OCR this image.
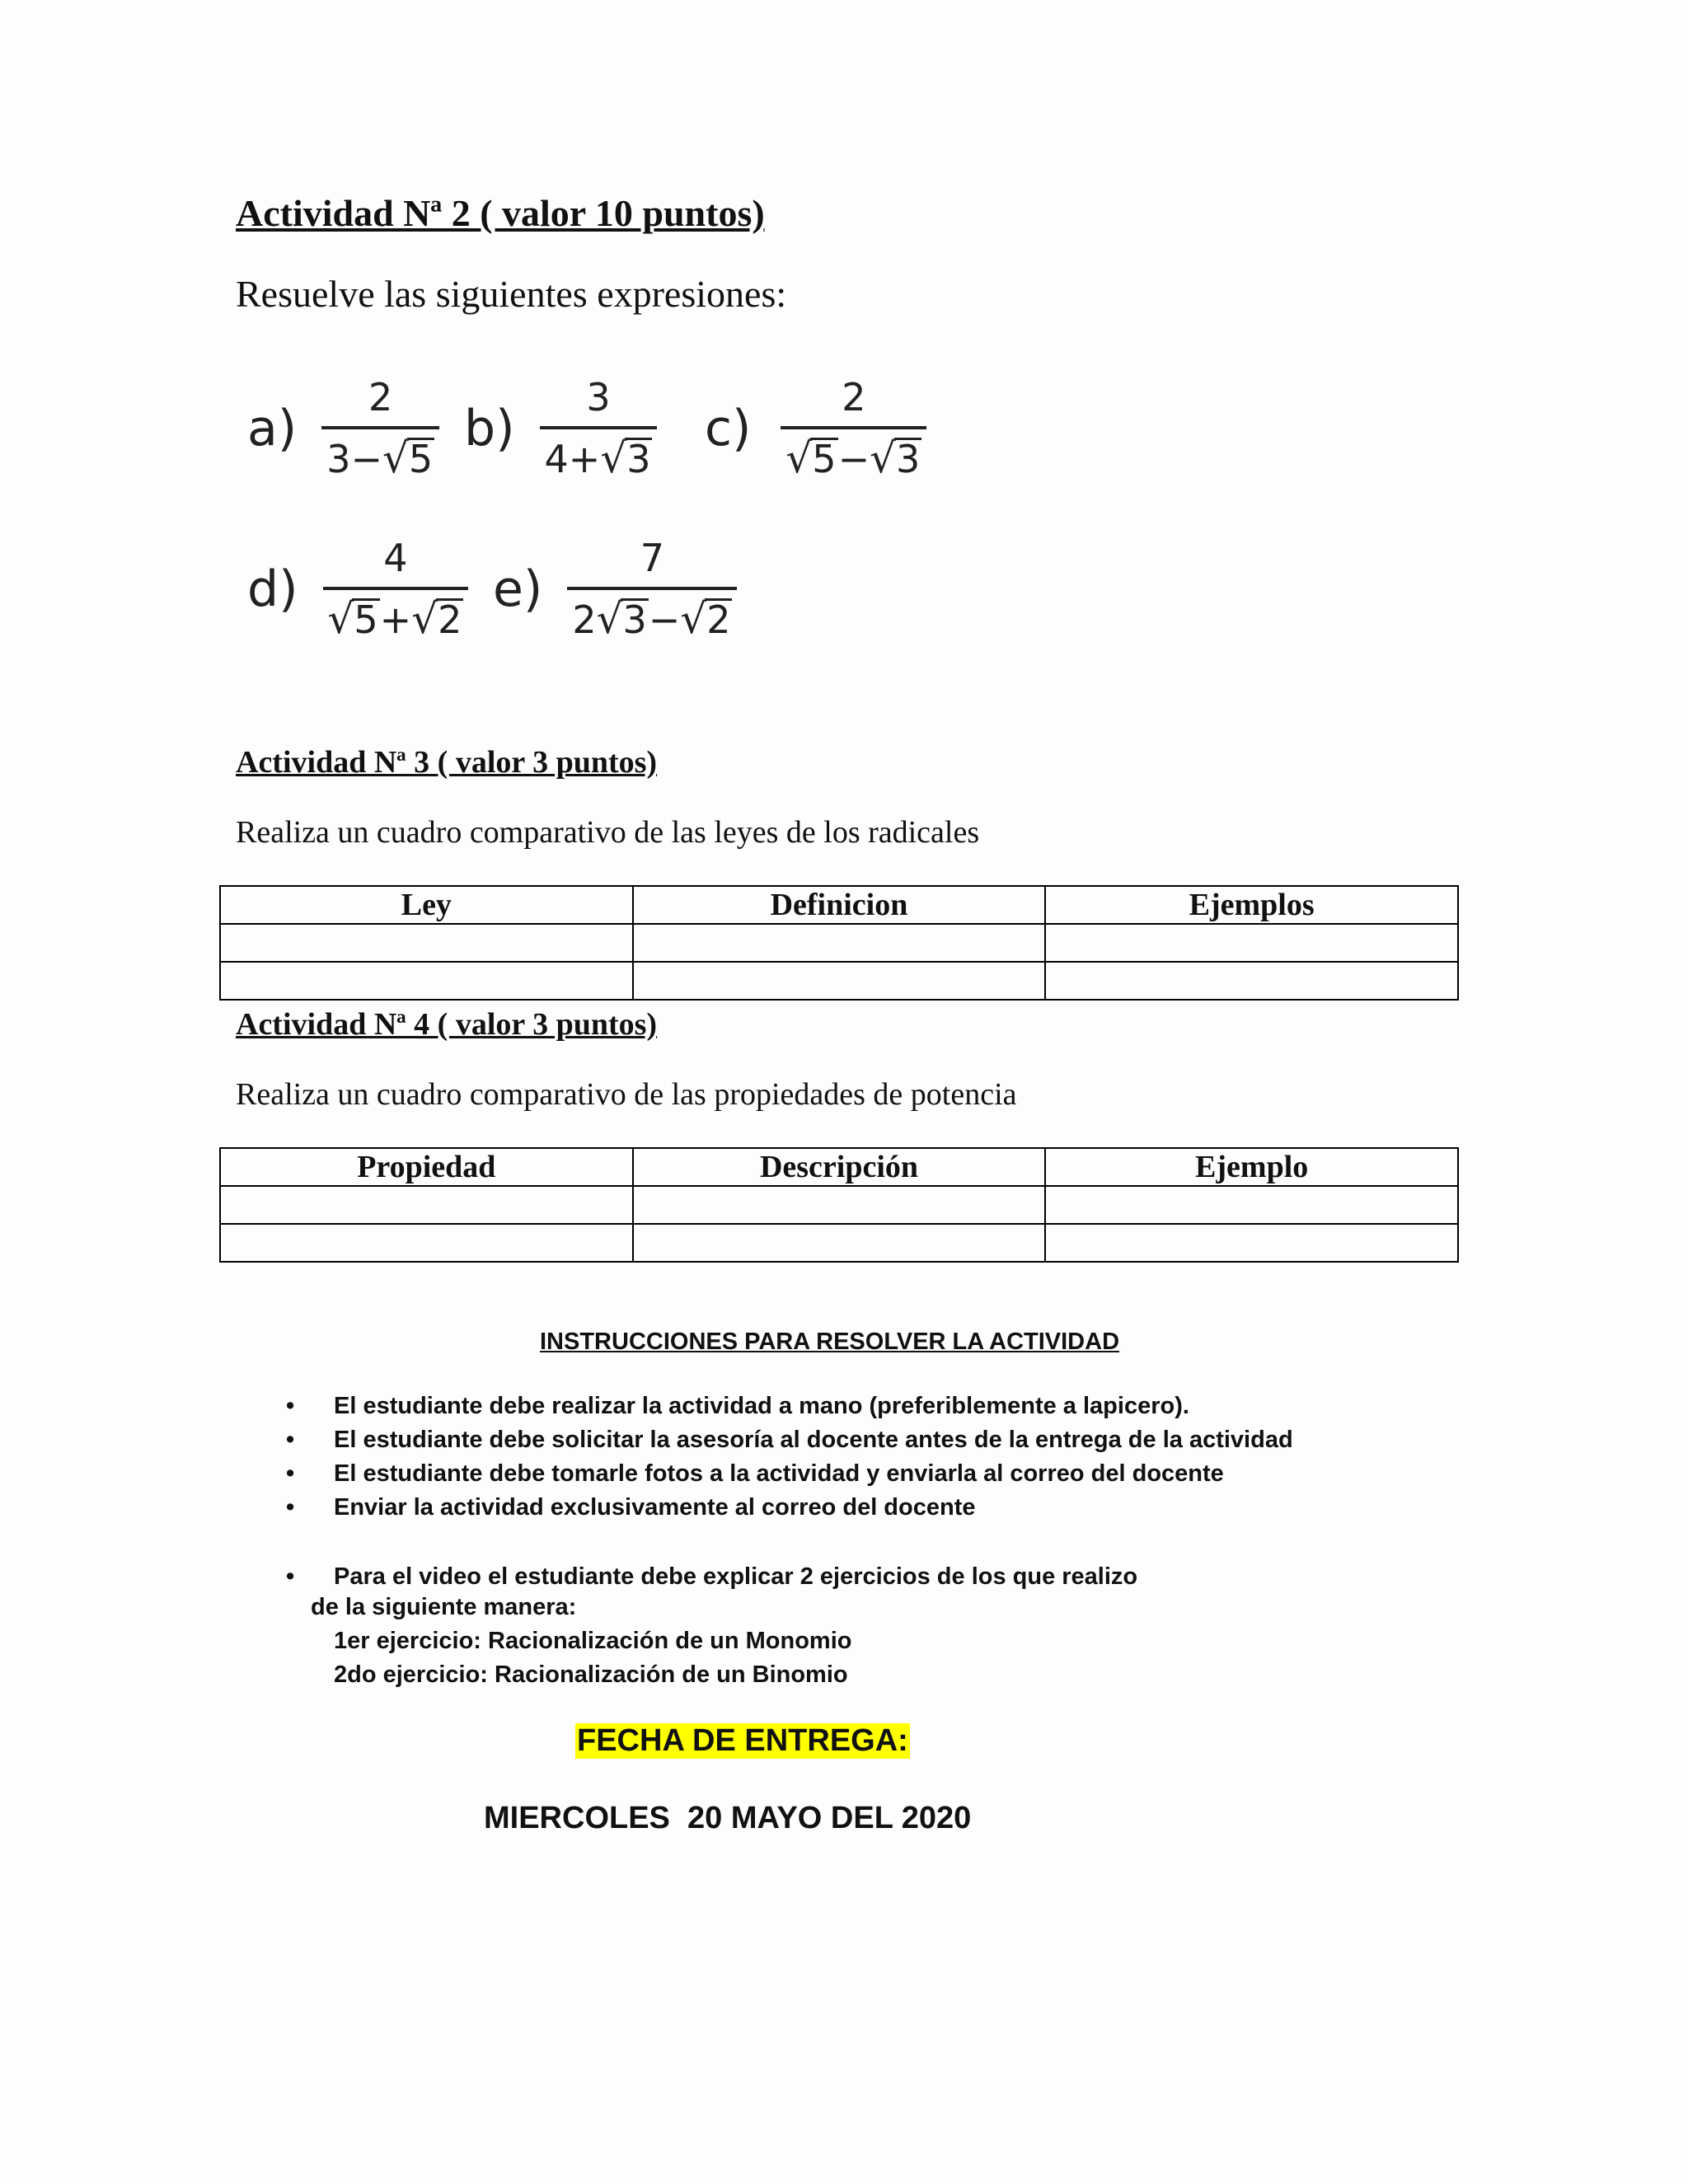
Actividad Nª 2 ( valor 10 puntos)
Resuelve las siguientes expresiones:
$a) \frac{2}{3-√5} b) \frac{3}{4+√3} c) \frac{2}{√5-√3}$
$d) \frac{4}{√5+√2} e) \frac{7}{2√3-√2}$
Actividad Nª 3 ( valor 3 puntos)
Realiza un cuadro comparativo de las leyes de los radicales
Ley	Definicion	Ejemplos

Actividad Nª 4 ( valor 3 puntos)
Realiza un cuadro comparativo de las propiedades de potencia
Propiedad	Descripción	Ejemplo

INSTRUCCIONES PARA RESOLVER LA ACTIVIDAD
• El estudiante debe realizar la actividad a mano (preferiblemente a lapicero).
• El estudiante debe solicitar la asesoría al docente antes de la entrega de la actividad
• El estudiante debe tomarle fotos a la actividad y enviarla al correo del docente
• Enviar la actividad exclusivamente al correo del docente
• Para el video el estudiante debe explicar 2 ejercicios de los que realizo
de la siguiente manera:
1er ejercicio: Racionalización de un Monomio
2do ejercicio: Racionalización de un Binomio
FECHA DE ENTREGA:
MIERCOLES  20 MAYO DEL 2020
